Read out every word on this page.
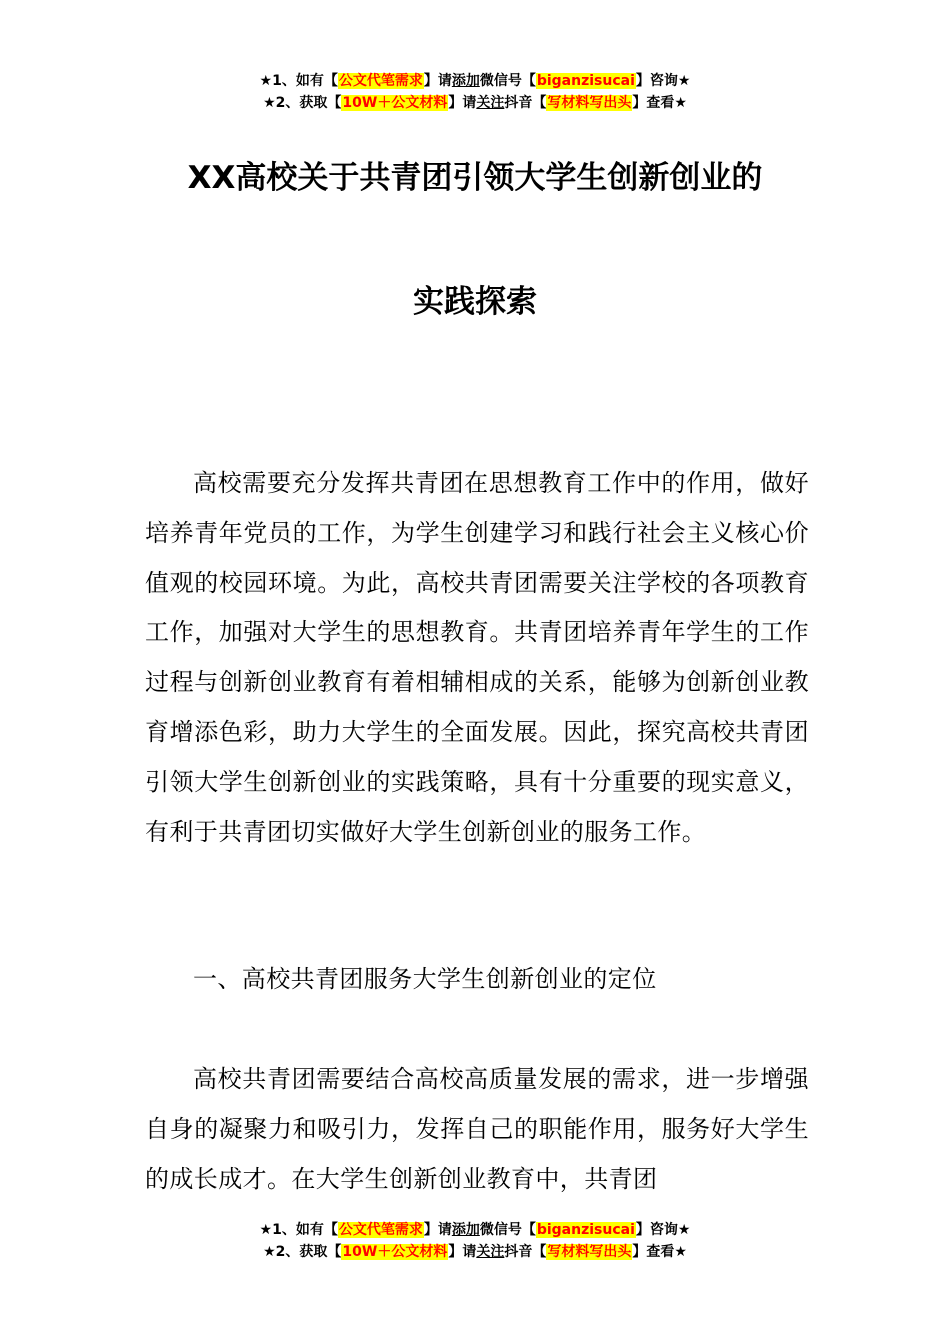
★1、如有【公文代笔需求】请添加微信号【biganzisucai】咨询★
★2、获取【10W＋公文材料】请关注抖音【写材料写出头】查看★
XX高校关于共青团引领大学生创新创业的
实践探索

高校需要充分发挥共青团在思想教育工作中的作用，做好培养青年党员的工作，为学生创建学习和践行社会主义核心价值观的校园环境。为此，高校共青团需要关注学校的各项教育工作，加强对大学生的思想教育。共青团培养青年学生的工作过程与创新创业教育有着相辅相成的关系，能够为创新创业教育增添色彩，助力大学生的全面发展。因此，探究高校共青团引领大学生创新创业的实践策略，具有十分重要的现实意义，有利于共青团切实做好大学生创新创业的服务工作。

一、高校共青团服务大学生创新创业的定位

高校共青团需要结合高校高质量发展的需求，进一步增强自身的凝聚力和吸引力，发挥自己的职能作用，服务好大学生的成长成才。在大学生创新创业教育中，共青团

★1、如有【公文代笔需求】请添加微信号【biganzisucai】咨询★
★2、获取【10W＋公文材料】请关注抖音【写材料写出头】查看★
